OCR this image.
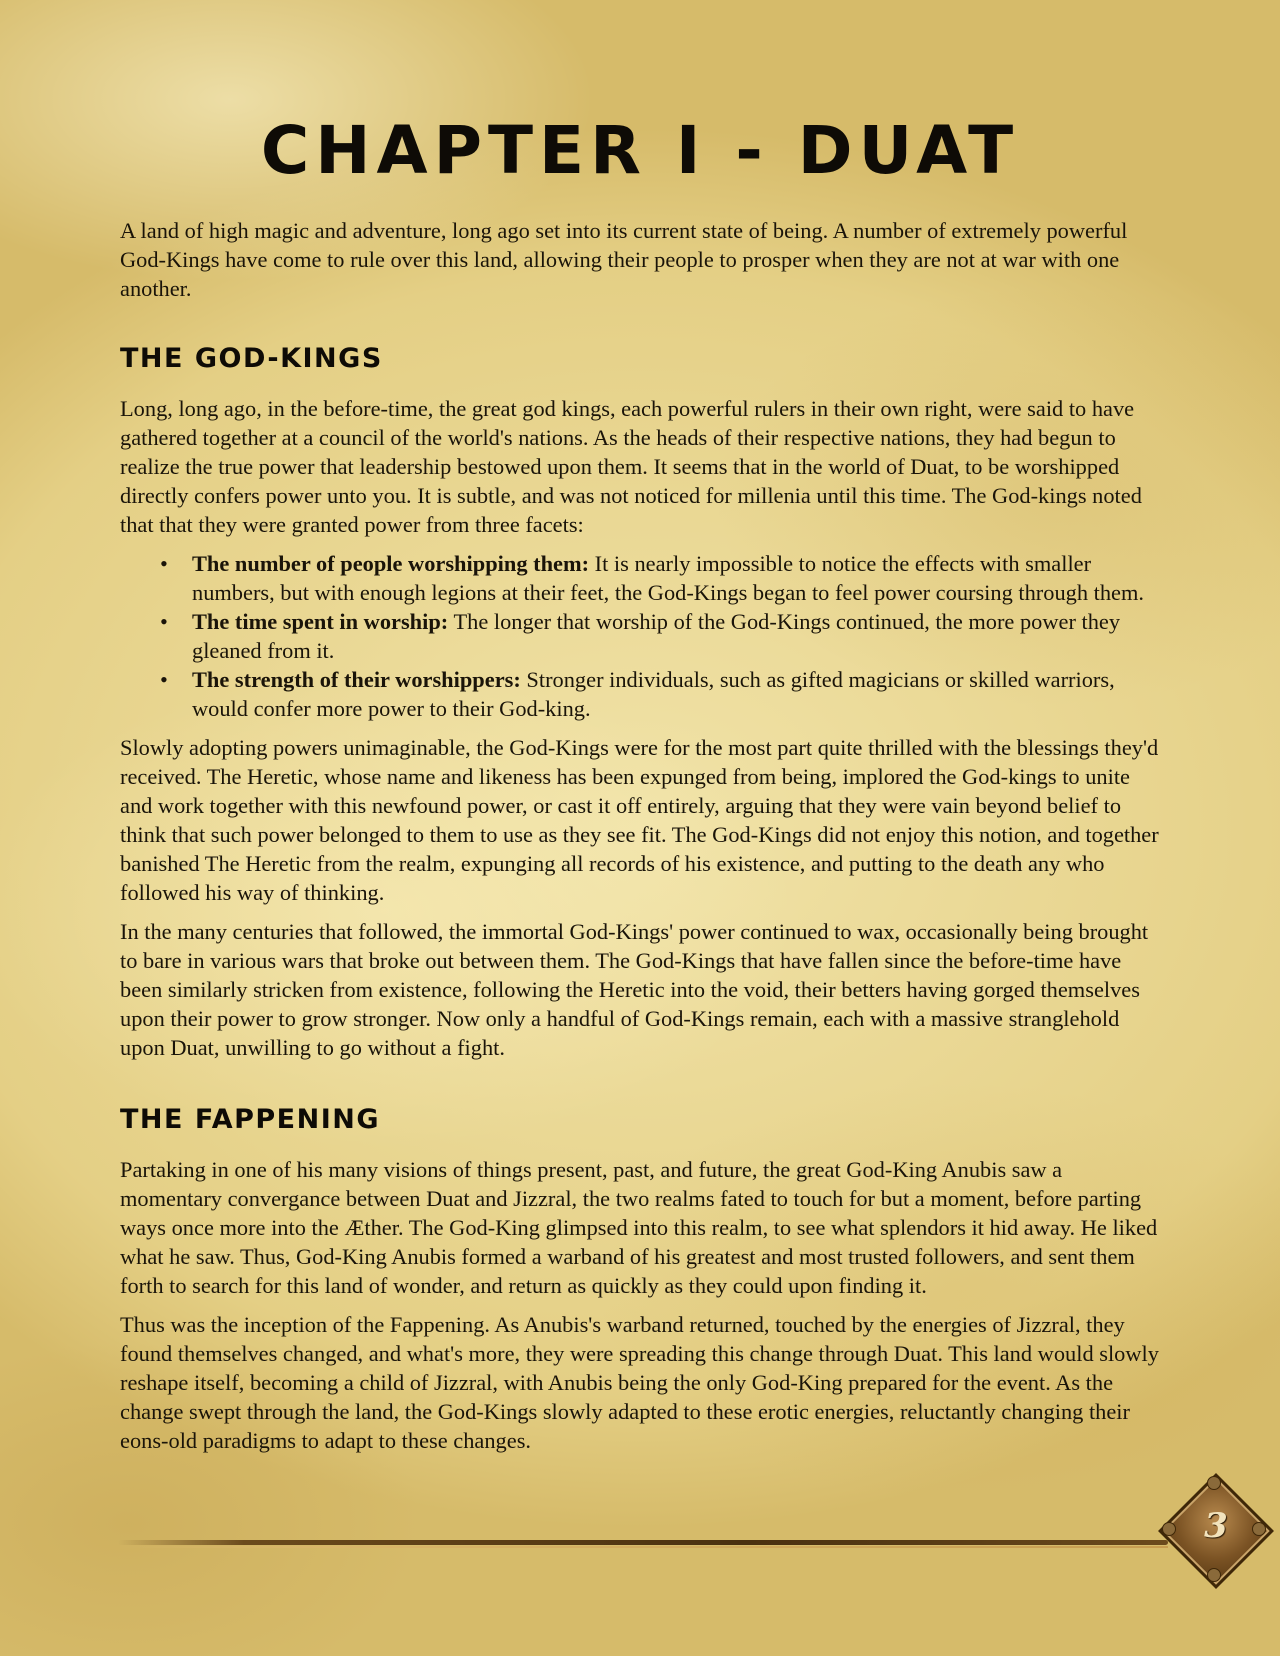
CHAPTER I - DUAT

A land of high magic and adventure, long ago set into its current state of being. A number of extremely powerful God-Kings have come to rule over this land, allowing their people to prosper when they are not at war with one another.

THE GOD-KINGS

Long, long ago, in the before-time, the great god kings, each powerful rulers in their own right, were said to have gathered together at a council of the world's nations. As the heads of their respective nations, they had begun to realize the true power that leadership bestowed upon them. It seems that in the world of Duat, to be worshipped directly confers power unto you. It is subtle, and was not noticed for millenia until this time. The God-kings noted that that they were granted power from three facets:

• The number of people worshipping them: It is nearly impossible to notice the effects with smaller numbers, but with enough legions at their feet, the God-Kings began to feel power coursing through them.
• The time spent in worship: The longer that worship of the God-Kings continued, the more power they gleaned from it.
• The strength of their worshippers: Stronger individuals, such as gifted magicians or skilled warriors, would confer more power to their God-king.

Slowly adopting powers unimaginable, the God-Kings were for the most part quite thrilled with the blessings they'd received. The Heretic, whose name and likeness has been expunged from being, implored the God-kings to unite and work together with this newfound power, or cast it off entirely, arguing that they were vain beyond belief to think that such power belonged to them to use as they see fit. The God-Kings did not enjoy this notion, and together banished The Heretic from the realm, expunging all records of his existence, and putting to the death any who followed his way of thinking.

In the many centuries that followed, the immortal God-Kings' power continued to wax, occasionally being brought to bare in various wars that broke out between them. The God-Kings that have fallen since the before-time have been similarly stricken from existence, following the Heretic into the void, their betters having gorged themselves upon their power to grow stronger. Now only a handful of God-Kings remain, each with a massive stranglehold upon Duat, unwilling to go without a fight.

THE FAPPENING

Partaking in one of his many visions of things present, past, and future, the great God-King Anubis saw a momentary convergance between Duat and Jizzral, the two realms fated to touch for but a moment, before parting ways once more into the Æther. The God-King glimpsed into this realm, to see what splendors it hid away. He liked what he saw. Thus, God-King Anubis formed a warband of his greatest and most trusted followers, and sent them forth to search for this land of wonder, and return as quickly as they could upon finding it.

Thus was the inception of the Fappening. As Anubis's warband returned, touched by the energies of Jizzral, they found themselves changed, and what's more, they were spreading this change through Duat. This land would slowly reshape itself, becoming a child of Jizzral, with Anubis being the only God-King prepared for the event. As the change swept through the land, the God-Kings slowly adapted to these erotic energies, reluctantly changing their eons-old paradigms to adapt to these changes.

3
